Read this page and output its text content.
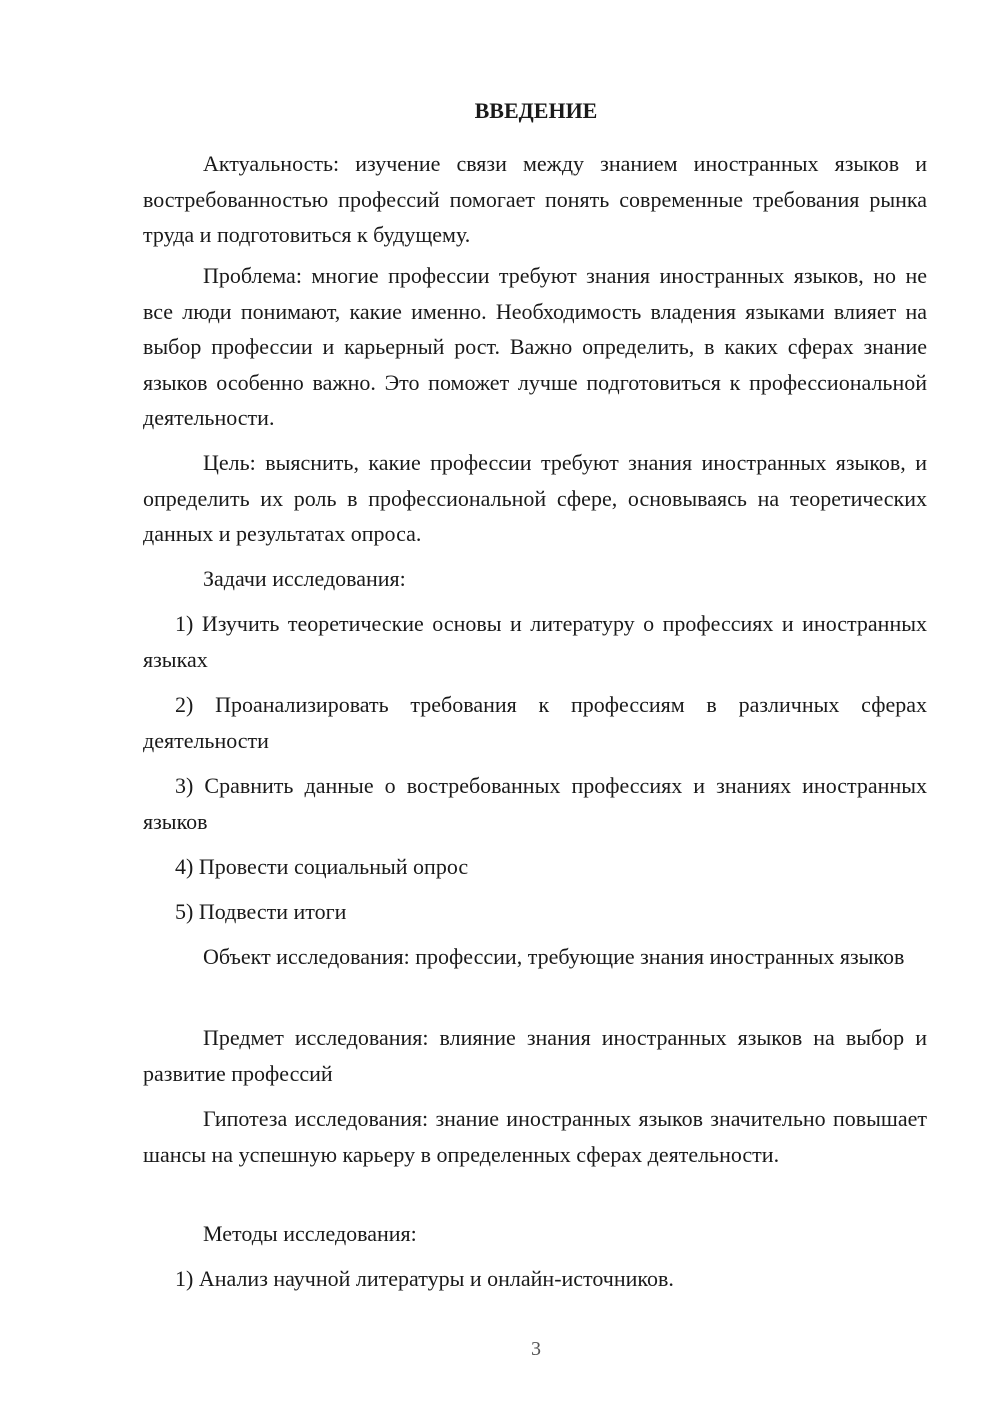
ВВЕДЕНИЕ

Актуальность: изучение связи между знанием иностранных языков и востребованностью профессий помогает понять современные требования рынка труда и подготовиться к будущему.

Проблема: многие профессии требуют знания иностранных языков, но не все люди понимают, какие именно. Необходимость владения языками влияет на выбор профессии и карьерный рост. Важно определить, в каких сферах знание языков особенно важно. Это поможет лучше подготовиться к профессиональной деятельности.

Цель: выяснить, какие профессии требуют знания иностранных языков, и определить их роль в профессиональной сфере, основываясь на теоретических данных и результатах опроса.

Задачи исследования:

1) Изучить теоретические основы и литературу о профессиях и иностранных языках

2) Проанализировать требования к профессиям в различных сферах деятельности

3) Сравнить данные о востребованных профессиях и знаниях иностранных языков

4) Провести социальный опрос

5) Подвести итоги

Объект исследования: профессии, требующие знания иностранных языков

Предмет исследования: влияние знания иностранных языков на выбор и развитие профессий

Гипотеза исследования: знание иностранных языков значительно повышает шансы на успешную карьеру в определенных сферах деятельности.

Методы исследования:

1) Анализ научной литературы и онлайн-источников.

3
